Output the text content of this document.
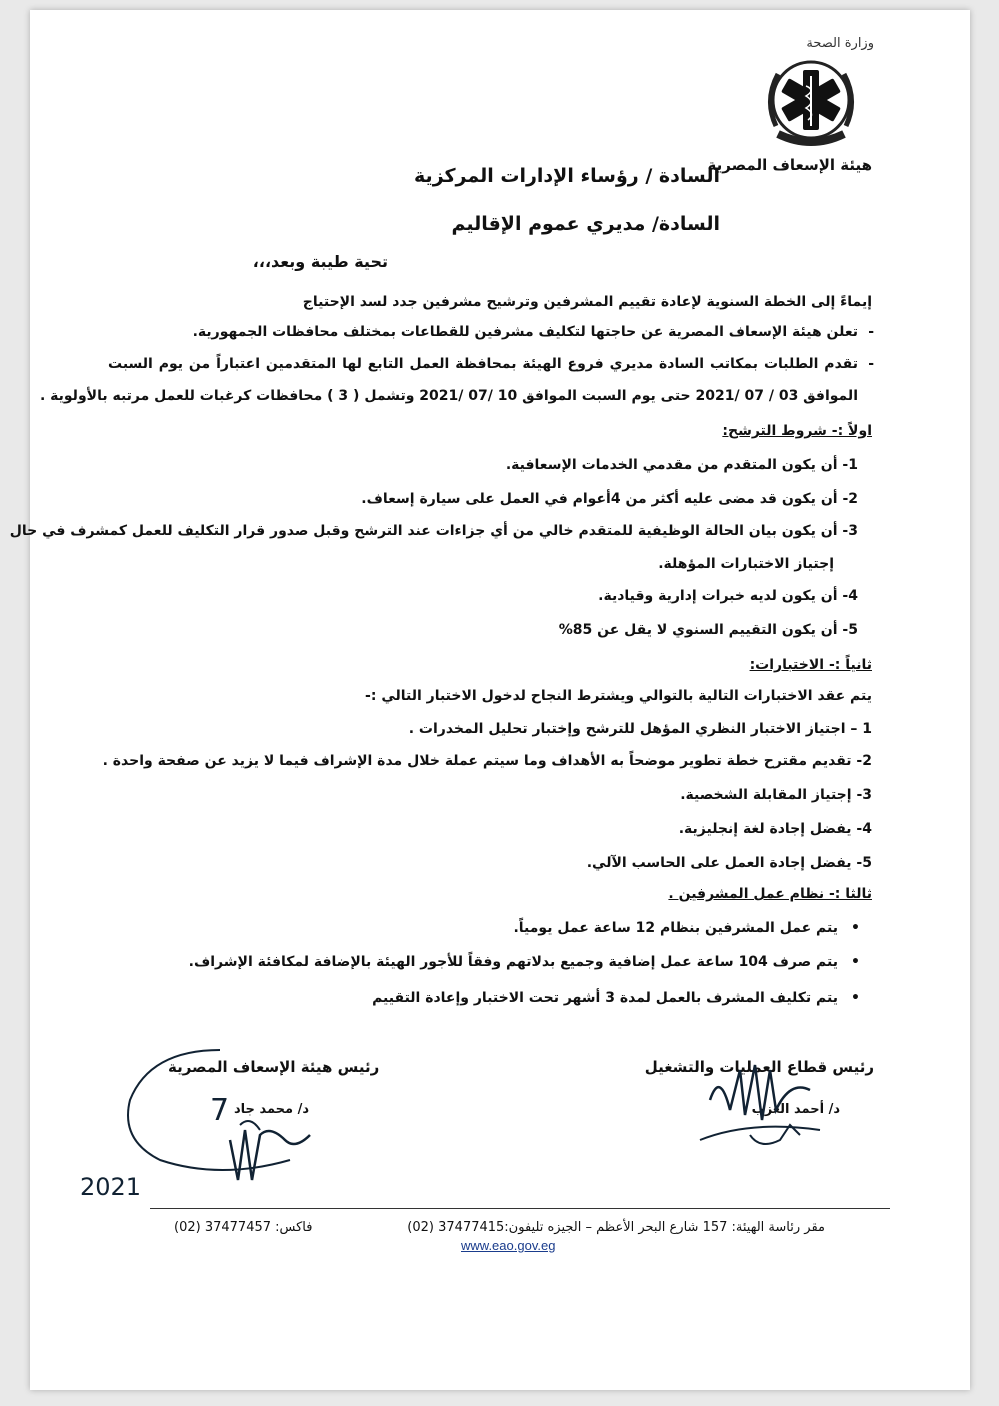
وزارة الصحة
هيئة الإسعاف المصرية
السادة / رؤساء الإدارات المركزية
السادة/ مديري عموم الإقاليم
تحية طيبة وبعد،،،
إيماءً إلى الخطة السنوية لإعادة تقييم المشرفين وترشيح مشرفين جدد لسد الإحتياج
-
تعلن هيئة الإسعاف المصرية عن حاجتها لتكليف مشرفين للقطاعات بمختلف محافظات الجمهورية.
-
تقدم الطلبات بمكاتب السادة مديري فروع الهيئة بمحافظة العمل التابع لها المتقدمين اعتباراً من يوم السبت
الموافق 03 / 07 /2021 حتى يوم السبت الموافق 10 /07 /2021 وتشمل ( 3 ) محافظات كرغبات للعمل مرتبه بالأولوية .
اولاً :- شروط الترشح:
1- أن يكون المتقدم من مقدمي الخدمات الإسعافية.
2- أن يكون قد مضى عليه أكثر من 4أعوام في العمل على سيارة إسعاف.
3- أن يكون بيان الحالة الوظيفية للمتقدم خالي من أي جزاءات عند الترشح وقبل صدور قرار التكليف للعمل كمشرف في حال
إجتياز الاختبارات المؤهلة.
4- أن يكون لديه خبرات إدارية وقيادية.
5- أن يكون التقييم السنوي لا يقل عن 85%
ثانياً :- الاختبارات:
يتم عقد الاختبارات التالية بالتوالي ويشترط النجاح لدخول الاختبار التالي :-
1 – اجتياز الاختبار النظري المؤهل للترشح وإختبار تحليل المخدرات .
2- تقديم مقترح خطة تطوير موضحاً به الأهداف وما سيتم عملة خلال مدة الإشراف فيما لا يزيد عن صفحة واحدة .
3- إجتياز المقابلة الشخصية.
4- يفضل إجادة لغة إنجليزية.
5- يفضل إجادة العمل على الحاسب الآلي.
ثالثا :- نظام عمل المشرفين .
•
يتم عمل المشرفين بنظام 12 ساعة عمل يومياً.
•
يتم صرف 104 ساعة عمل إضافية وجميع بدلاتهم وفقاً للأجور الهيئة بالإضافة لمكافئة الإشراف.
•
يتم تكليف المشرف بالعمل لمدة 3 أشهر تحت الاختبار وإعادة التقييم
رئيس هيئة الإسعاف المصرية	رئيس قطاع العمليات والتشغيل
د/ محمد جاد	د/ أحمد العزب
7
2021
مقر رئاسة الهيئة: 157 شارع البحر الأعظم – الجيزه تليفون:37477415 (02)
فاكس: 37477457 (02)
www.eao.gov.eg
